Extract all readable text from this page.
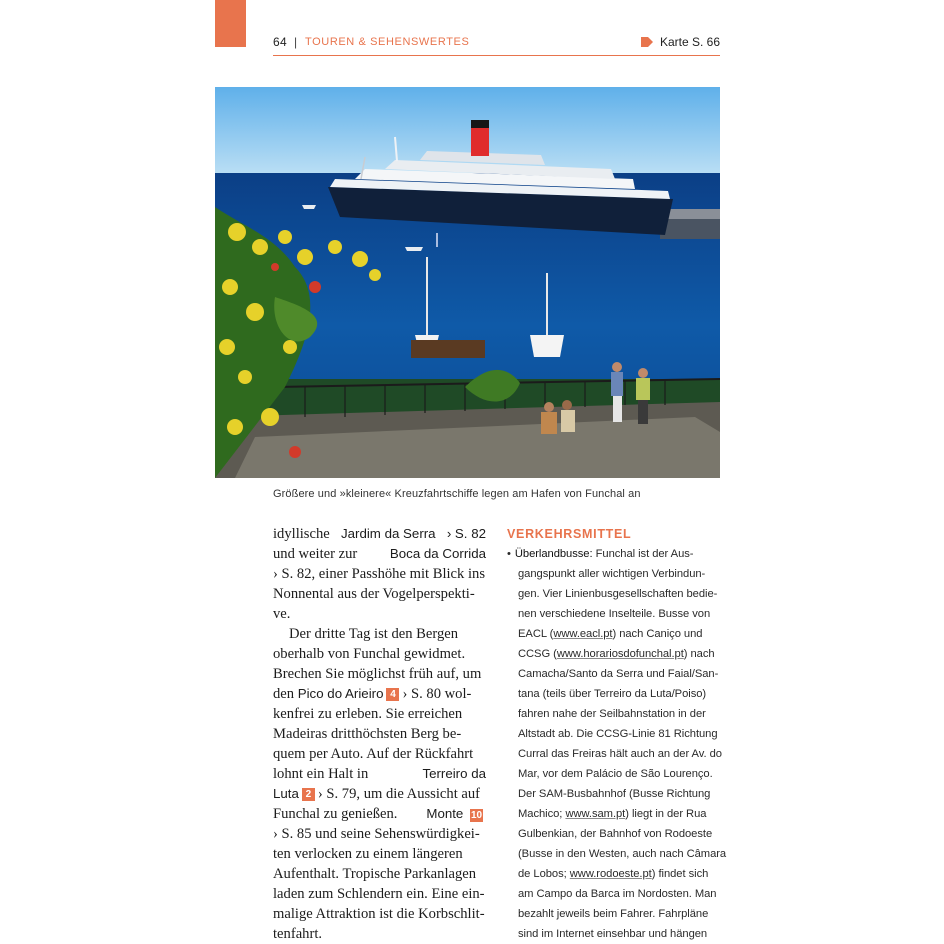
64 | TOUREN & SEHENSWERTES	Karte S. 66
Größere und »kleinere« Kreuzfahrtschiffe legen am Hafen von Funchal an
idyllische Jardim da Serra › S. 82
und weiter zur Boca da Corrida
› S. 82, einer Passhöhe mit Blick ins
Nonnental aus der Vogelperspekti-
ve.
Der dritte Tag ist den Bergen
oberhalb von Funchal gewidmet.
Brechen Sie möglichst früh auf, um
den
Pico do Arieiro 4 › S. 80 wol-
kenfrei zu erleben. Sie erreichen
Madeiras dritthöchsten Berg be-
quem per Auto. Auf der Rückfahrt
lohnt ein Halt in	Terreiro da
Luta 2 › S. 79, um die Aussicht auf
Funchal zu genießen. Monte 10
› S. 85 und seine Sehenswürdigkei-
ten verlocken zu einem längeren
Aufenthalt. Tropische Parkanlagen
laden zum Schlendern ein. Eine ein-
malige Attraktion ist die Korbschlit-
tenfahrt.
VERKEHRSMITTEL
• Überlandbusse:
Funchal ist der Aus-
gangspunkt aller wichtigen Verbindun-
gen. Vier Linienbusgesellschaften bedie-
nen verschiedene Inselteile. Busse von
EACL ( www.eacl.pt ) nach Caniço und
CCSG ( www.horariosdofunchal.pt ) nach
Camacha/Santo da Serra und Faial/San-
tana (teils über Terreiro da Luta/Poiso)
fahren nahe der Seilbahnstation in der
Altstadt ab. Die CCSG-Linie 81 Richtung
Curral das Freiras hält auch an der Av. do
Mar, vor dem Palácio de São Lourenço.
Der SAM-Busbahnhof (Busse Richtung
Machico; www.sam.pt ) liegt in der Rua
Gulbenkian, der Bahnhof von Rodoeste
(Busse in den Westen, auch nach Câmara
de Lobos; www.rodoeste.pt ) findet sich
am Campo da Barca im Nordosten. Man
bezahlt jeweils beim Fahrer. Fahrpläne
sind im Internet einsehbar und hängen
